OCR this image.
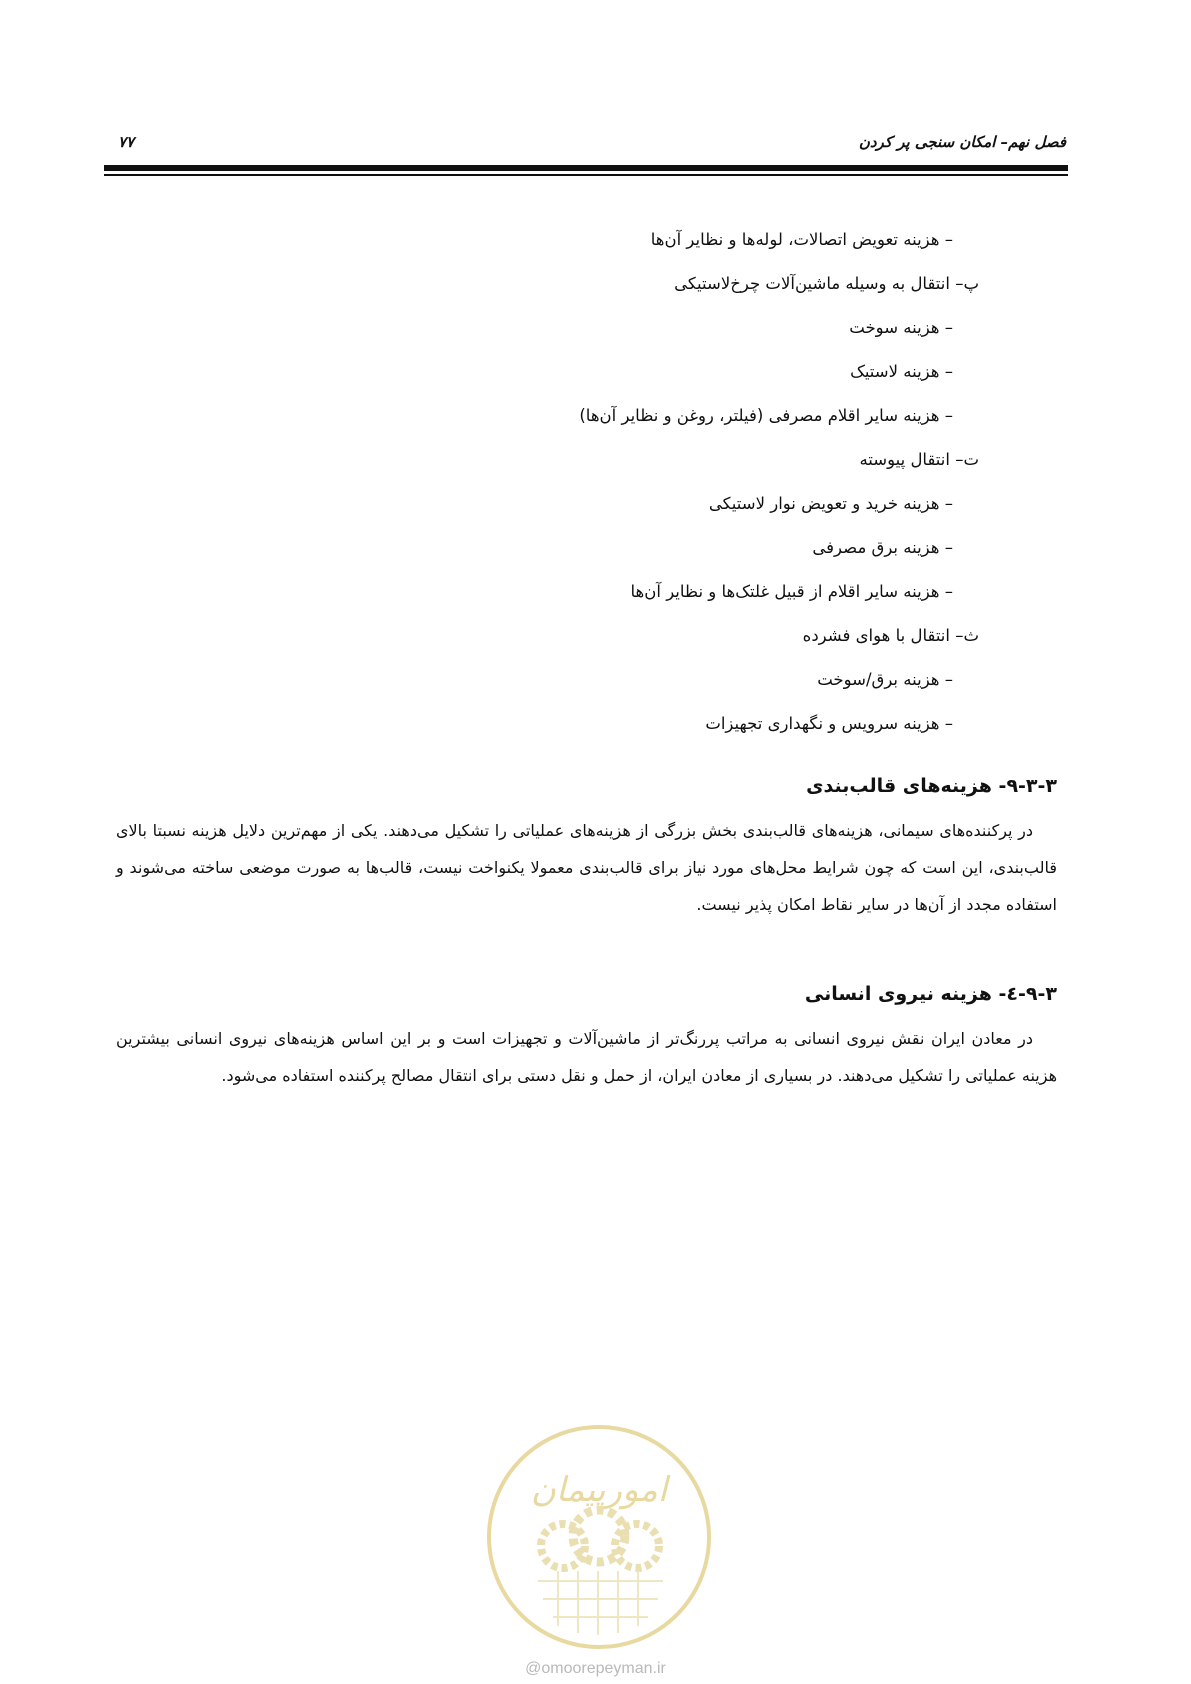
فصل نهم– امکان سنجی پر کردن
۷۷
– هزینه تعویض اتصالات، لوله‌ها و نظایر آن‌ها
پ– انتقال به وسیله ماشین‌آلات چرخ‌لاستیکی
– هزینه سوخت
– هزینه لاستیک
– هزینه سایر اقلام مصرفی (فیلتر، روغن و نظایر آن‌ها)
ت– انتقال پیوسته
– هزینه خرید و تعویض نوار لاستیکی
– هزینه برق مصرفی
– هزینه سایر اقلام از قبیل غلتک‌ها و نظایر آن‌ها
ث– انتقال با هوای فشرده
– هزینه برق/سوخت
– هزینه سرویس و نگهداری تجهیزات
۹-۳-۳- هزینه‌های قالب‌بندی

در پرکننده‌های سیمانی، هزینه‌های قالب‌بندی بخش بزرگی از هزینه‌های عملیاتی را تشکیل می‌دهند. یکی از مهم‌ترین دلایل هزینه نسبتا بالای قالب‌بندی، این است که چون شرایط محل‌های مورد نیاز برای قالب‌بندی معمولا یکنواخت نیست، قالب‌ها به صورت موضعی ساخته می‌شوند و استفاده مجدد از آن‌ها در سایر نقاط امکان پذیر نیست.

۹-۳-٤- هزینه نیروی انسانی

در معادن ایران نقش نیروی انسانی به مراتب پررنگ‌تر از ماشین‌آلات و تجهیزات است و بر این اساس هزینه‌های نیروی انسانی بیشترین هزینه عملیاتی را تشکیل می‌دهند. در بسیاری از معادن ایران، از حمل و نقل دستی برای انتقال مصالح پرکننده استفاده می‌شود.

امورپیمان
@omoorepeyman.ir
